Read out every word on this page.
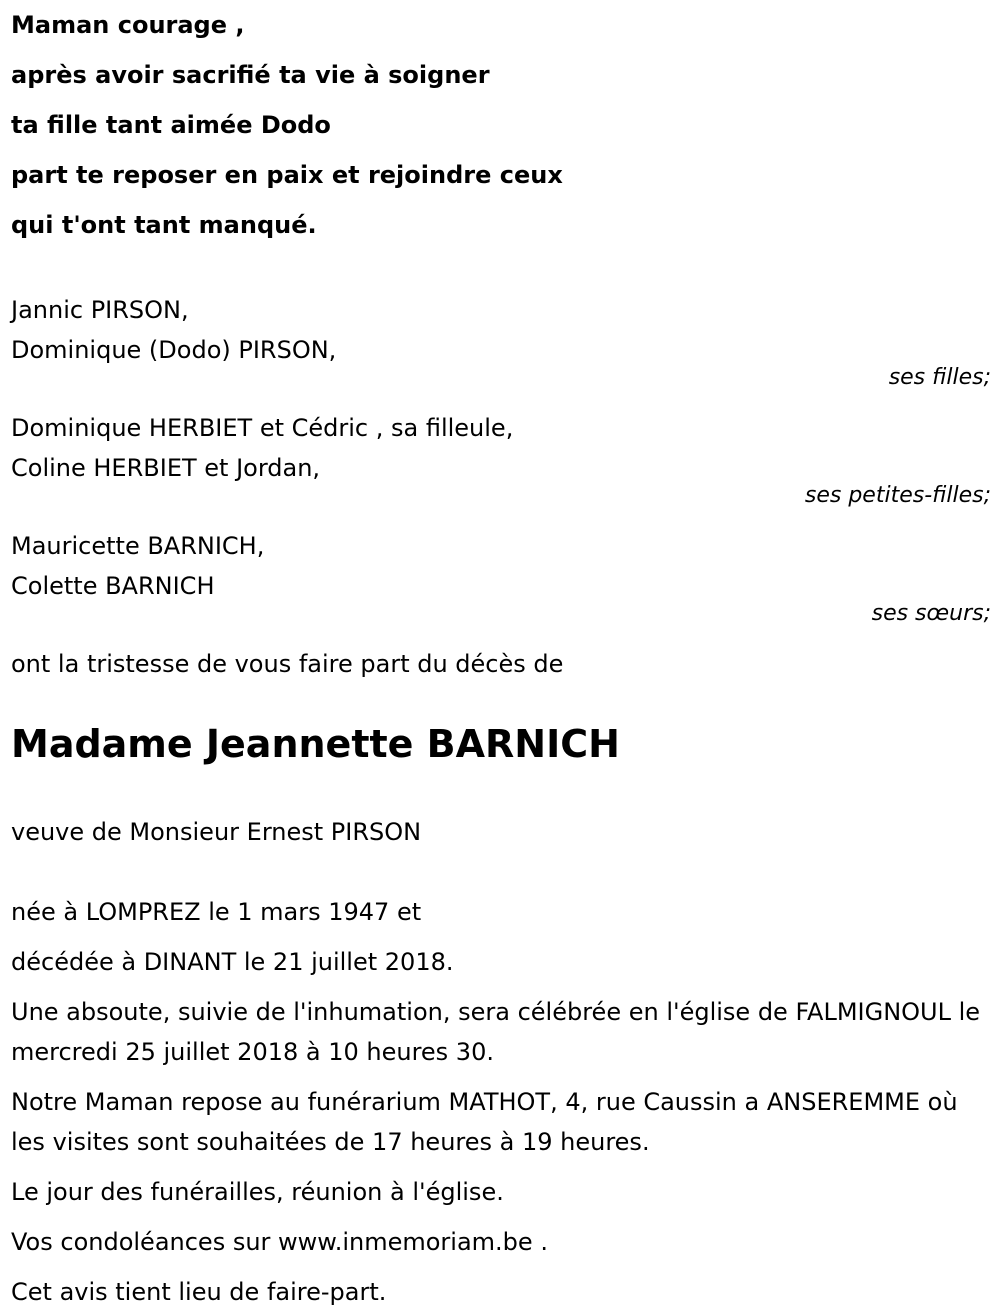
Maman courage ,
après avoir sacrifié ta vie à soigner
ta fille tant aimée Dodo
part te reposer en paix et rejoindre ceux
qui t'ont tant manqué.
Jannic PIRSON,
Dominique (Dodo) PIRSON,
ses filles;
Dominique HERBIET et Cédric , sa filleule,
Coline HERBIET et Jordan,
ses petites-filles;
Mauricette BARNICH,
Colette BARNICH
ses sœurs;
ont la tristesse de vous faire part du décès de
Madame Jeannette BARNICH
veuve de Monsieur Ernest PIRSON
née à LOMPREZ le 1 mars 1947 et
décédée à DINANT le 21 juillet 2018.
Une absoute, suivie de l'inhumation, sera célébrée en l'église de FALMIGNOUL le mercredi 25 juillet 2018 à 10 heures 30.
Notre Maman repose au funérarium MATHOT, 4, rue Caussin a ANSEREMME où les visites sont souhaitées de 17 heures à 19 heures.
Le jour des funérailles, réunion à l'église.
Vos condoléances sur www.inmemoriam.be .
Cet avis tient lieu de faire-part.
